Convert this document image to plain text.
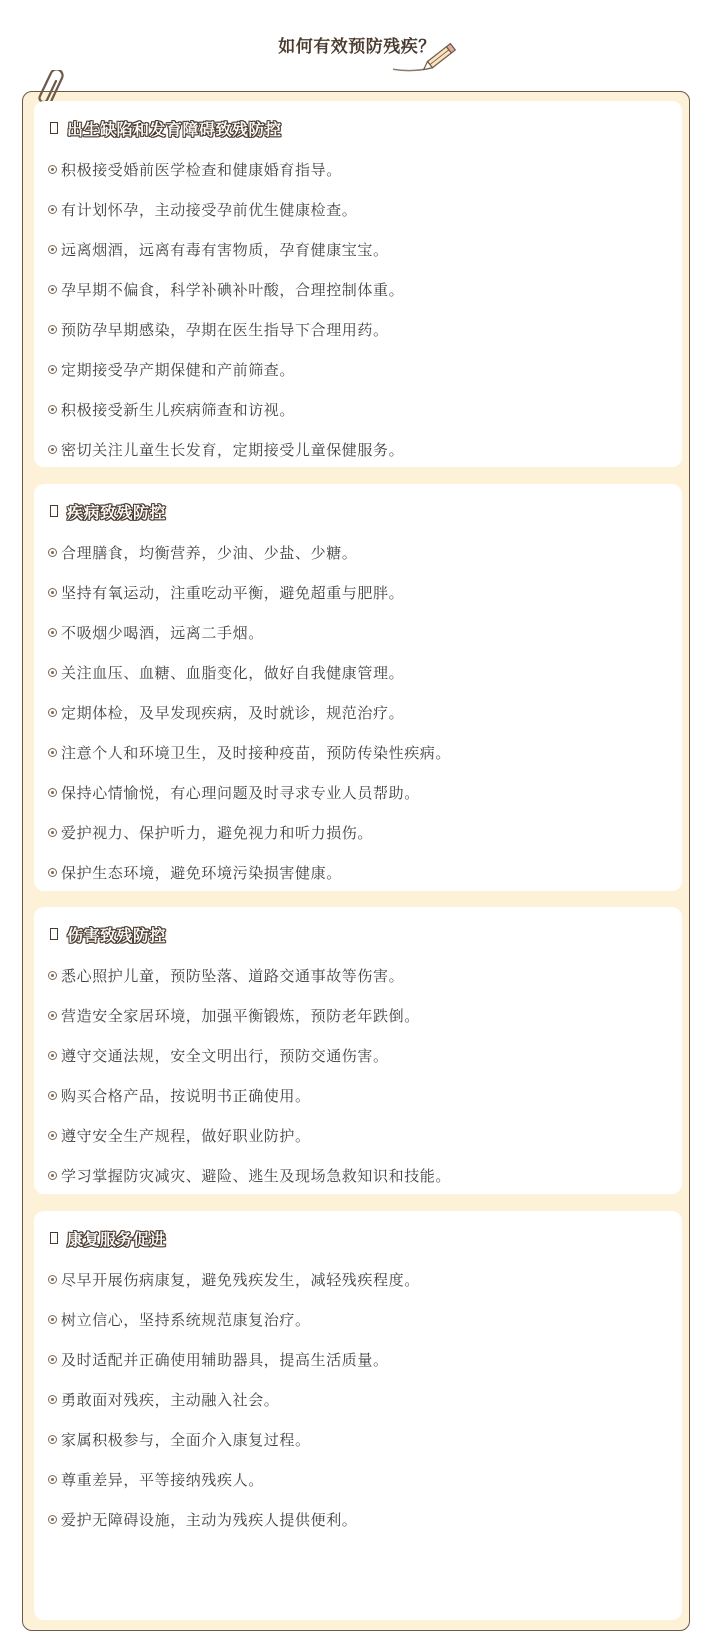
如何有效预防残疾？
出生缺陷和发育障碍致残防控
积极接受婚前医学检查和健康婚育指导。
有计划怀孕，主动接受孕前优生健康检查。
远离烟酒，远离有毒有害物质，孕育健康宝宝。
孕早期不偏食，科学补碘补叶酸，合理控制体重。
预防孕早期感染，孕期在医生指导下合理用药。
定期接受孕产期保健和产前筛查。
积极接受新生儿疾病筛查和访视。
密切关注儿童生长发育，定期接受儿童保健服务。
疾病致残防控
合理膳食，均衡营养，少油、少盐、少糖。
坚持有氧运动，注重吃动平衡，避免超重与肥胖。
不吸烟少喝酒，远离二手烟。
关注血压、血糖、血脂变化，做好自我健康管理。
定期体检，及早发现疾病，及时就诊，规范治疗。
注意个人和环境卫生，及时接种疫苗，预防传染性疾病。
保持心情愉悦，有心理问题及时寻求专业人员帮助。
爱护视力、保护听力，避免视力和听力损伤。
保护生态环境，避免环境污染损害健康。
伤害致残防控
悉心照护儿童，预防坠落、道路交通事故等伤害。
营造安全家居环境，加强平衡锻炼，预防老年跌倒。
遵守交通法规，安全文明出行，预防交通伤害。
购买合格产品，按说明书正确使用。
遵守安全生产规程，做好职业防护。
学习掌握防灾减灾、避险、逃生及现场急救知识和技能。
康复服务促进
尽早开展伤病康复，避免残疾发生，减轻残疾程度。
树立信心，坚持系统规范康复治疗。
及时适配并正确使用辅助器具，提高生活质量。
勇敢面对残疾，主动融入社会。
家属积极参与，全面介入康复过程。
尊重差异，平等接纳残疾人。
爱护无障碍设施，主动为残疾人提供便利。
